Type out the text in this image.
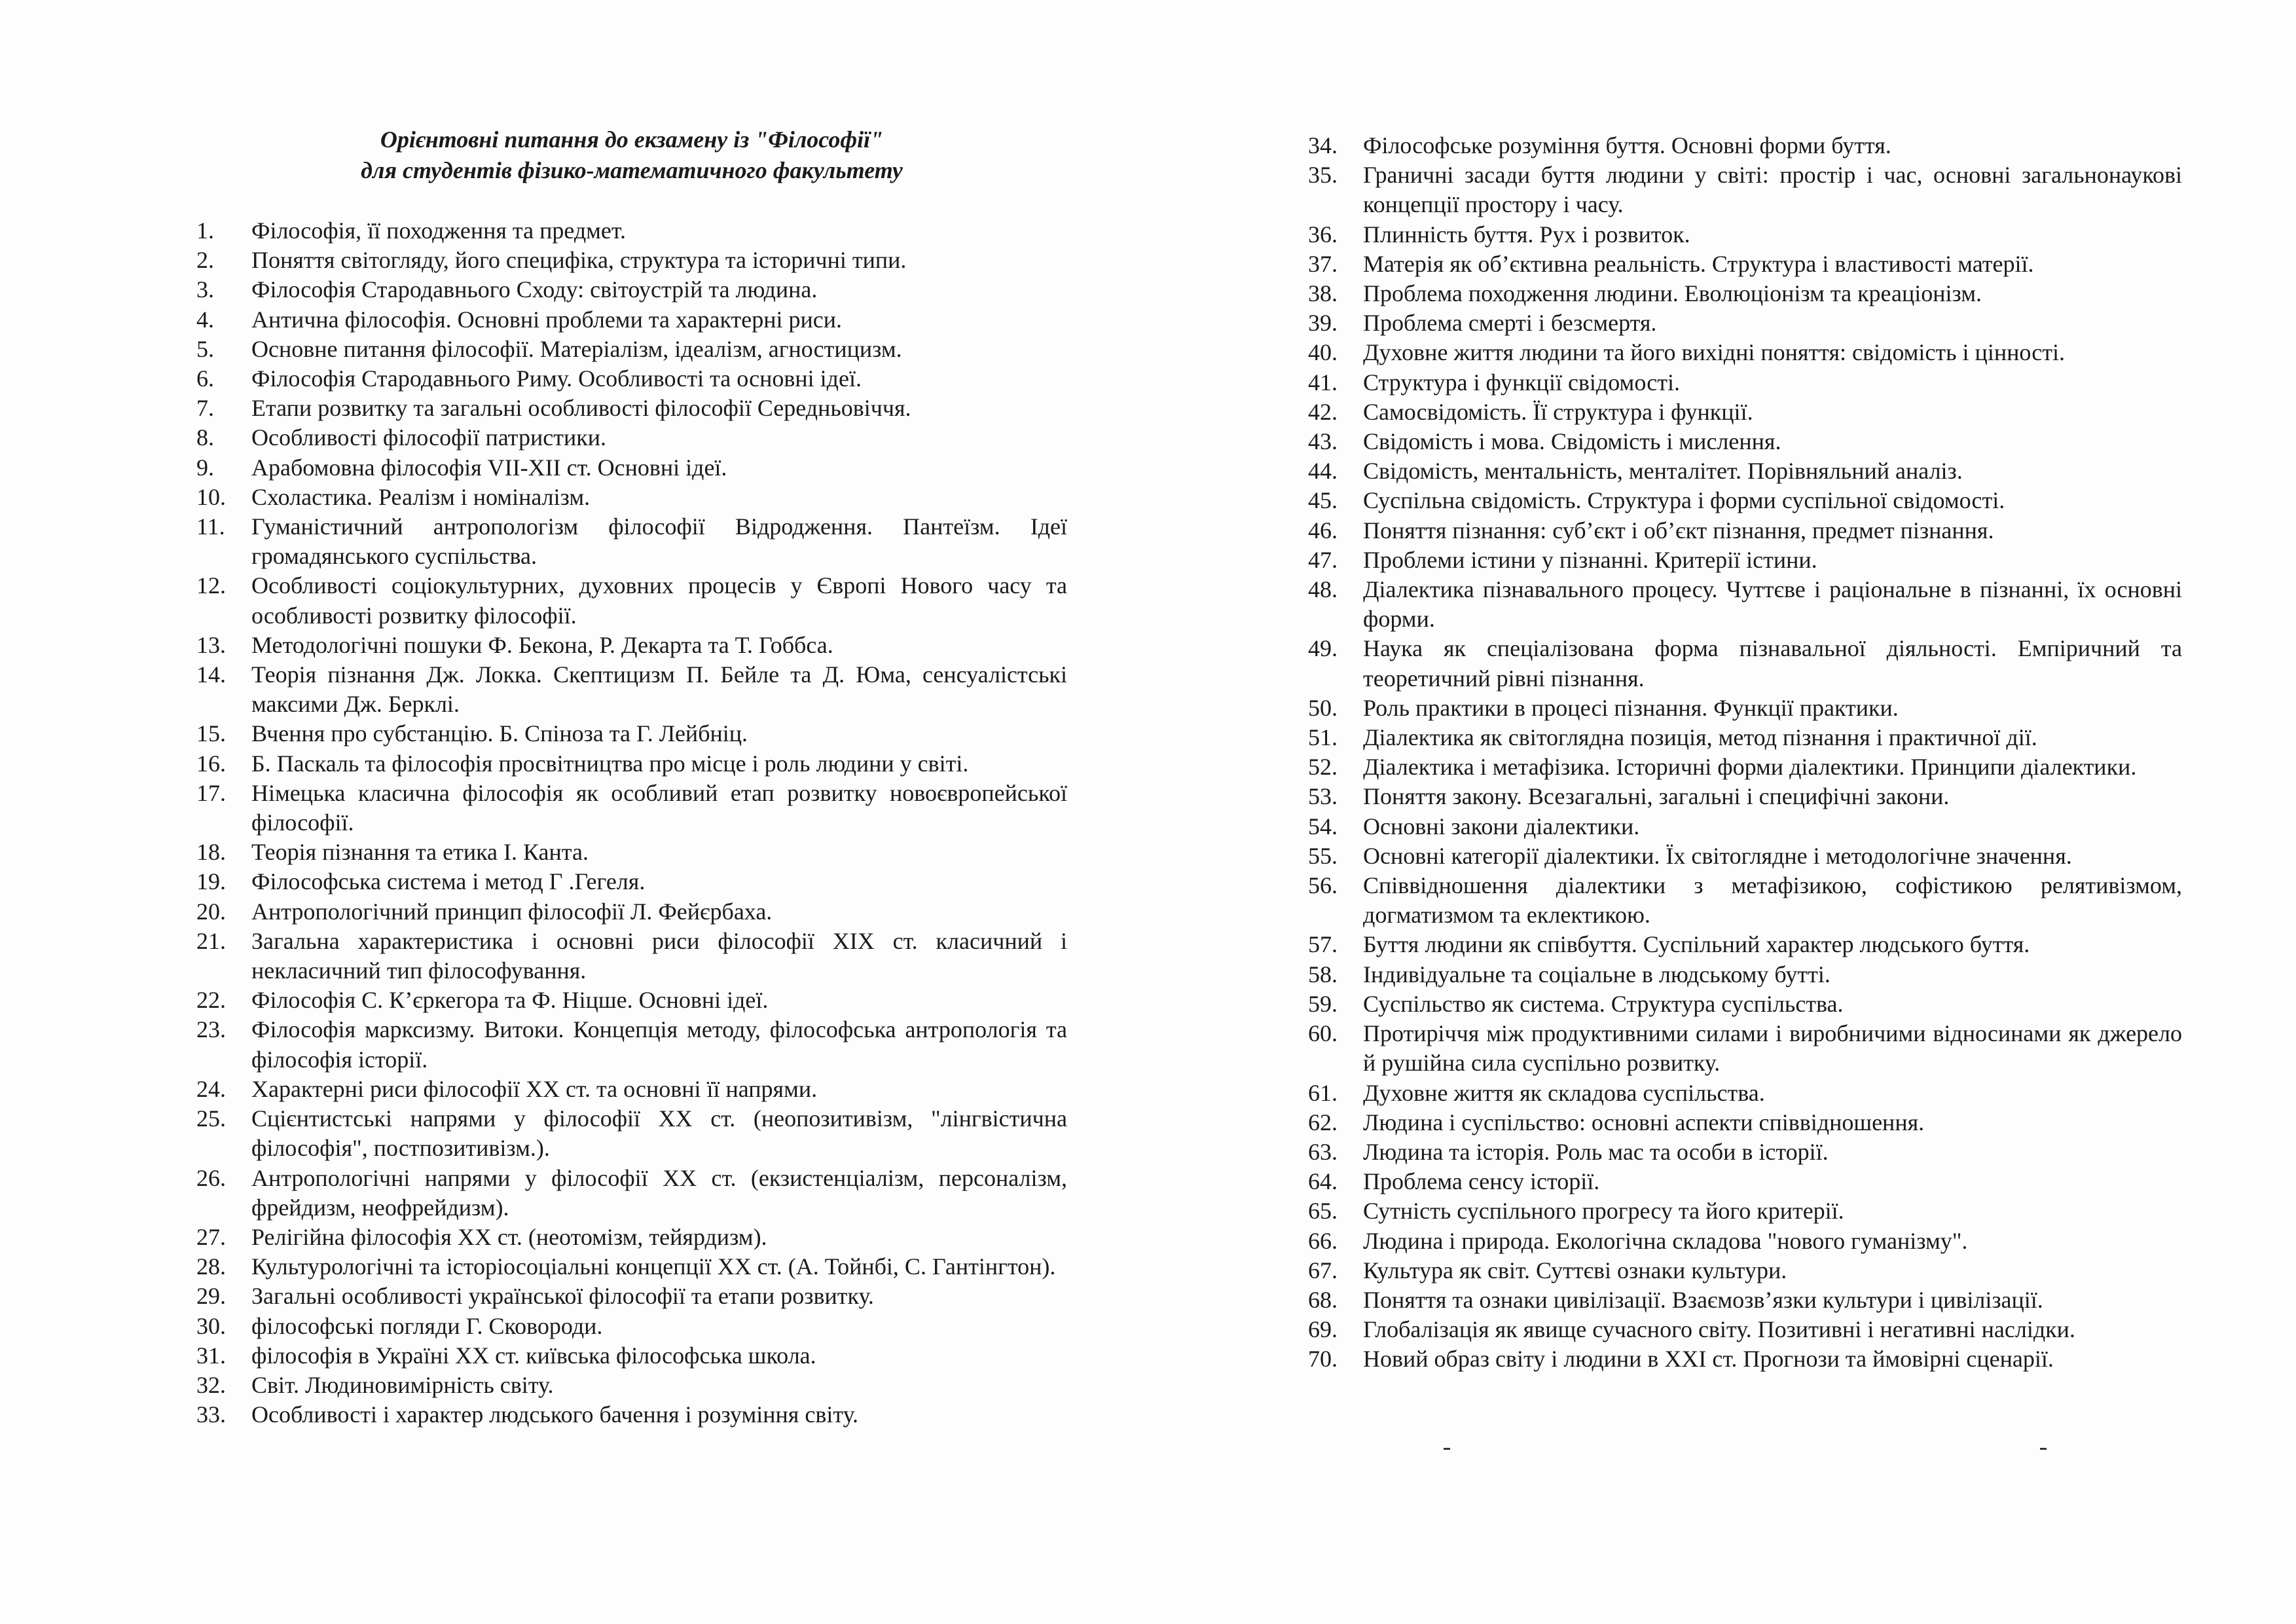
Орієнтовні питання до екзамену із "Філософії"
для студентів фізико-математичного факультету
1.	Філософія, її походження та предмет.
2.	Поняття світогляду, його специфіка, структура та історичні типи.
3.	Філософія Стародавнього Сходу: світоустрій та людина.
4.	Антична філософія. Основні проблеми та характерні риси.
5.	Основне питання філософії. Матеріалізм, ідеалізм, агностицизм.
6.	Філософія Стародавнього Риму. Особливості та основні ідеї.
7.	Етапи розвитку та загальні особливості філософії Середньовіччя.
8.	Особливості філософії патристики.
9.	Арабомовна філософія VII-XII ст. Основні ідеї.
10.	Схоластика. Реалізм і номіналізм.
11.	Гуманістичний антропологізм філософії Відродження. Пантеїзм. Ідеї громадянського суспільства.
12.	Особливості соціокультурних, духовних процесів у Європі Нового часу та особливості розвитку філософії.
13.	Методологічні пошуки Ф. Бекона, Р. Декарта та Т. Гоббса.
14.	Теорія пізнання Дж. Локка. Скептицизм П. Бейле та Д. Юма, сенсуалістські максими Дж. Берклі.
15.	Вчення про субстанцію. Б. Спіноза та Г. Лейбніц.
16.	Б. Паскаль та філософія просвітництва про місце і роль людини у світі.
17.	Німецька класична філософія як особливий етап розвитку новоєвропейської філософії.
18.	Теорія пізнання та етика І. Канта.
19.	Філософська система і метод Г .Гегеля.
20.	Антропологічний принцип філософії Л. Фейєрбаха.
21.	Загальна характеристика і основні риси філософії XIX ст. класичний і некласичний тип філософування.
22.	Філософія С. К’єркегора та Ф. Ніцше. Основні ідеї.
23.	Філософія марксизму. Витоки. Концепція методу, філософська антропологія та філософія історії.
24.	Характерні риси філософії XX ст. та основні її напрями.
25.	Сцієнтистські напрями у філософії XX ст. (неопозитивізм, "лінгвістична філософія", постпозитивізм.).
26.	Антропологічні напрями у філософії XX ст. (екзистенціалізм, персоналізм, фрейдизм, неофрейдизм).
27.	Релігійна філософія XX ст. (неотомізм, тейярдизм).
28.	Культурологічні та історіосоціальні концепції XX ст. (А. Тойнбі, С. Гантінгтон).
29.	Загальні особливості української філософії та етапи розвитку.
30.	філософські погляди Г. Сковороди.
31.	філософія в Україні XX ст. київська філософська школа.
32.	Світ. Людиновимірність світу.
33.	Особливості і характер людського бачення і розуміння світу.
34.	Філософське розуміння буття. Основні форми буття.
35.	Граничні засади буття людини у світі: простір і час, основні загальнонаукові концепції простору і часу.
36.	Плинність буття. Рух і розвиток.
37.	Матерія як об’єктивна реальність. Структура і властивості матерії.
38.	Проблема походження людини. Еволюціонізм та креаціонізм.
39.	Проблема смерті і безсмертя.
40.	Духовне життя людини та його вихідні поняття: свідомість і цінності.
41.	Структура і функції свідомості.
42.	Самосвідомість. Її структура і функції.
43.	Свідомість і мова. Свідомість і мислення.
44.	Свідомість, ментальність, менталітет. Порівняльний аналіз.
45.	Суспільна свідомість. Структура і форми суспільної свідомості.
46.	Поняття пізнання: суб’єкт і об’єкт пізнання, предмет пізнання.
47.	Проблеми істини у пізнанні. Критерії істини.
48.	Діалектика пізнавального процесу. Чуттєве і раціональне в пізнанні, їх основні форми.
49.	Наука як спеціалізована форма пізнавальної діяльності. Емпіричний та теоретичний рівні пізнання.
50.	Роль практики в процесі пізнання. Функції практики.
51.	Діалектика як світоглядна позиція, метод пізнання і практичної дії.
52.	Діалектика і метафізика. Історичні форми діалектики. Принципи діалектики.
53.	Поняття закону. Всезагальні, загальні і специфічні закони.
54.	Основні закони діалектики.
55.	Основні категорії діалектики. Їх світоглядне і методологічне значення.
56.	Співвідношення діалектики з метафізикою, софістикою релятивізмом, догматизмом та еклектикою.
57.	Буття людини як співбуття. Суспільний характер людського буття.
58.	Індивідуальне та соціальне в людському бутті.
59.	Суспільство як система. Структура суспільства.
60.	Протиріччя між продуктивними силами і виробничими відносинами як джерело й рушійна сила суспільно розвитку.
61.	Духовне життя як складова суспільства.
62.	Людина і суспільство: основні аспекти співвідношення.
63.	Людина та історія. Роль мас та особи в історії.
64.	Проблема сенсу історії.
65.	Сутність суспільного прогресу та його критерії.
66.	Людина і природа. Екологічна складова "нового гуманізму".
67.	Культура як світ. Суттєві ознаки культури.
68.	Поняття та ознаки цивілізації. Взаємозв’язки культури і цивілізації.
69.	Глобалізація як явище сучасного світу. Позитивні і негативні наслідки.
70.	Новий образ світу і людини в XXI ст. Прогнози та ймовірні сценарії.
